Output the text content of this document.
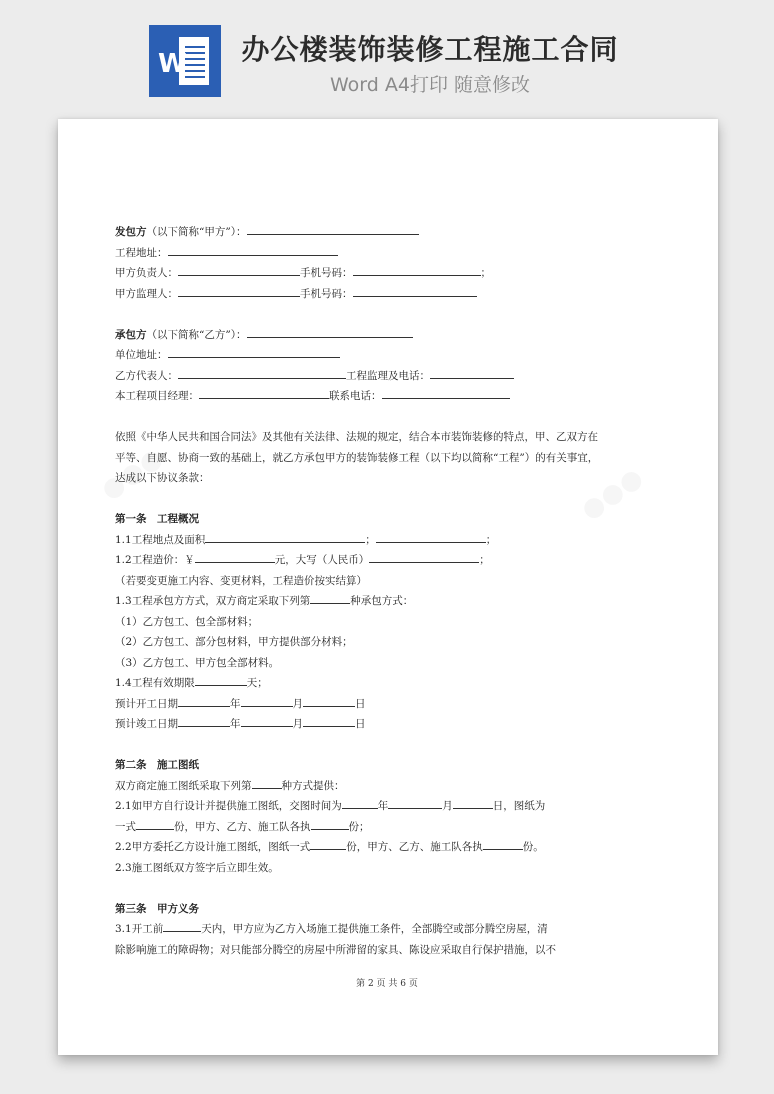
W	办公楼装饰装修工程施工合同
Word A4打印 随意修改
发包方（以下简称“甲方”）：
工程地址：
甲方负责人：	手机号码：	；
甲方监理人：	手机号码：
承包方（以下简称“乙方”）：
单位地址：
乙方代表人：	工程监理及电话：
本工程项目经理：	联系电话：
依照《中华人民共和国合同法》及其他有关法律、法规的规定，结合本市装饰装修的特点，甲、乙双方在平等、自愿、协商一致的基础上，就乙方承包甲方的装饰装修工程（以下均以简称“工程”）的有关事宜，达成以下协议条款：
第一条　工程概况
1.1工程地点及面积	；	；
1.2工程造价：￥	元，大写（人民币）	；
（若要变更施工内容、变更材料，工程造价按实结算）
1.3工程承包方方式，双方商定采取下列第	种承包方式：
（1）乙方包工、包全部材料；
（2）乙方包工、部分包材料，甲方提供部分材料；
（3）乙方包工、甲方包全部材料。
1.4工程有效期限	天；
预计开工日期	年	月	日
预计竣工日期	年	月	日
第二条　施工图纸
双方商定施工图纸采取下列第	种方式提供：
2.1如甲方自行设计并提供施工图纸，交图时间为	年	月	日，图纸为
一式	份，甲方、乙方、施工队各执	份；
2.2甲方委托乙方设计施工图纸，图纸一式	份，甲方、乙方、施工队各执	份。
2.3施工图纸双方签字后立即生效。
第三条　甲方义务
3.1开工前	天内，甲方应为乙方入场施工提供施工条件，全部腾空或部分腾空房屋，清
除影响施工的障碍物；对只能部分腾空的房屋中所滞留的家具、陈设应采取自行保护措施，以不
第 2 页 共 6 页
